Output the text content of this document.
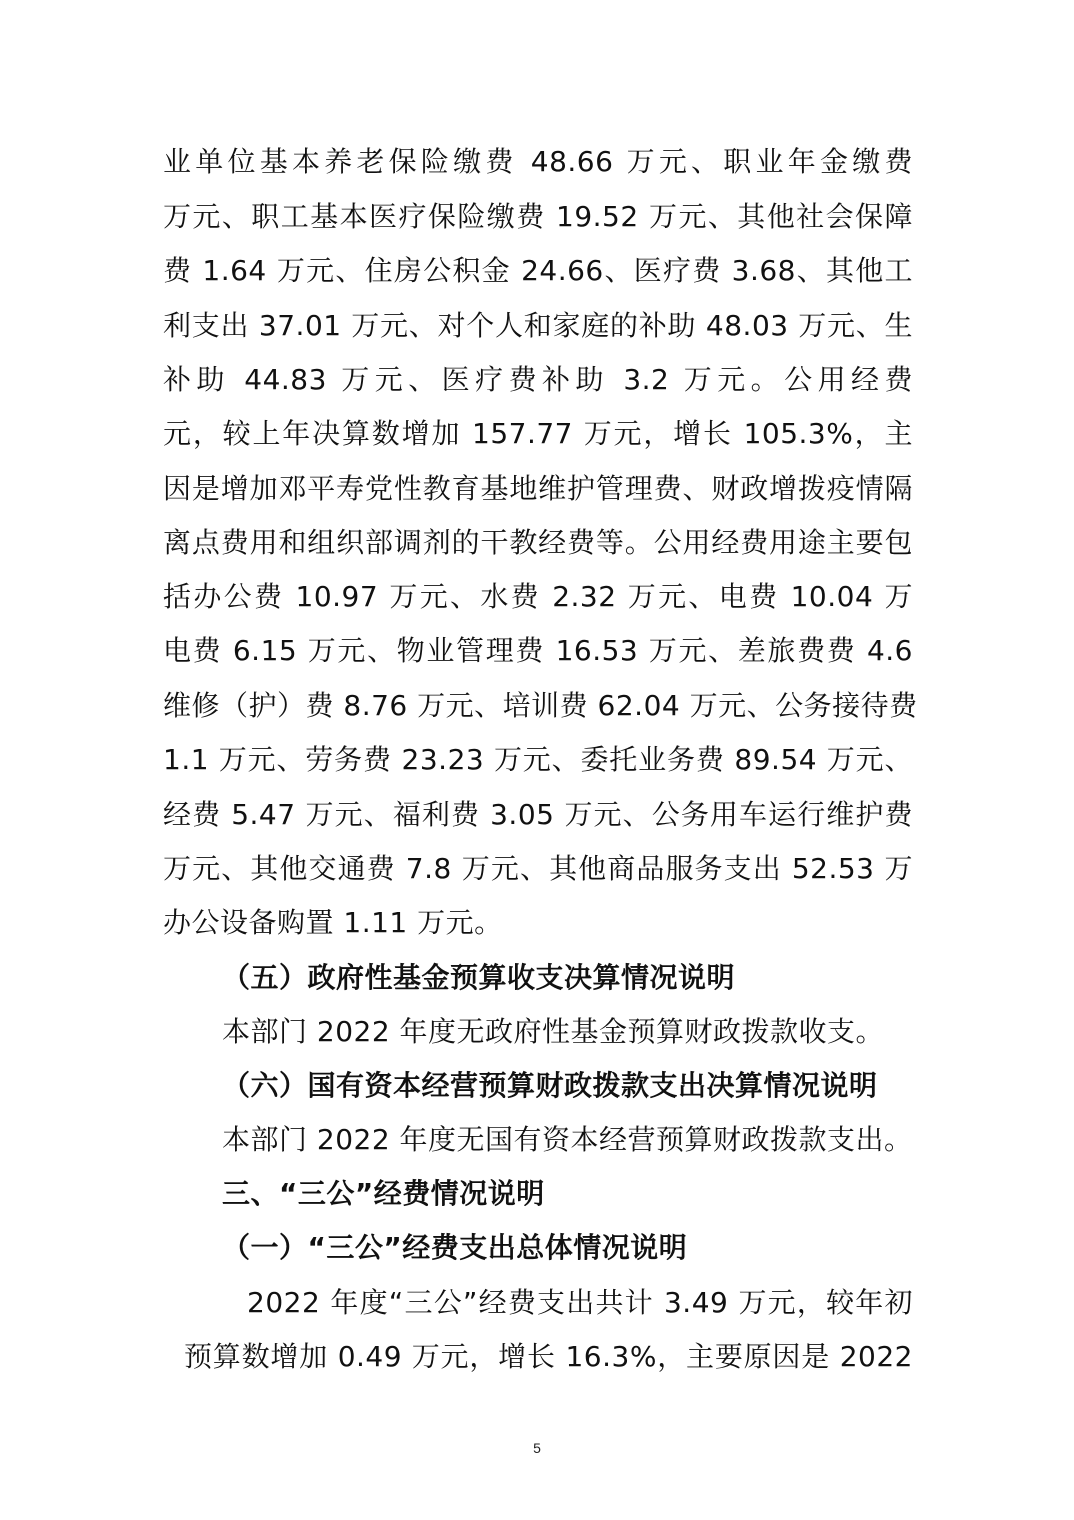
业单位基本养老保险缴费 48.66 万元、职业年金缴费
万元、职工基本医疗保险缴费 19.52 万元、其他社会保障
费 1.64 万元、住房公积金 24.66、医疗费 3.68、其他工
利支出 37.01 万元、对个人和家庭的补助 48.03 万元、生
补助 44.83 万元、医疗费补助 3.2 万元。公用经费
元，较上年决算数增加 157.77 万元，增长 105.3%，主
因是增加邓平寿党性教育基地维护管理费、财政增拨疫情隔
离点费用和组织部调剂的干教经费等。公用经费用途主要包
括办公费 10.97 万元、水费 2.32 万元、电费 10.04 万
电费 6.15 万元、物业管理费 16.53 万元、差旅费费 4.6
维修（护）费 8.76 万元、培训费 62.04 万元、公务接待费
1.1 万元、劳务费 23.23 万元、委托业务费 89.54 万元、
经费 5.47 万元、福利费 3.05 万元、公务用车运行维护费
万元、其他交通费 7.8 万元、其他商品服务支出 52.53 万
办公设备购置 1.11 万元。
（五）政府性基金预算收支决算情况说明
本部门 2022 年度无政府性基金预算财政拨款收支。
（六）国有资本经营预算财政拨款支出决算情况说明
本部门 2022 年度无国有资本经营预算财政拨款支出。
三、“三公”经费情况说明
（一）“三公”经费支出总体情况说明
2022 年度“三公”经费支出共计 3.49 万元，较年初
预算数增加 0.49 万元，增长 16.3%，主要原因是 2022
5
